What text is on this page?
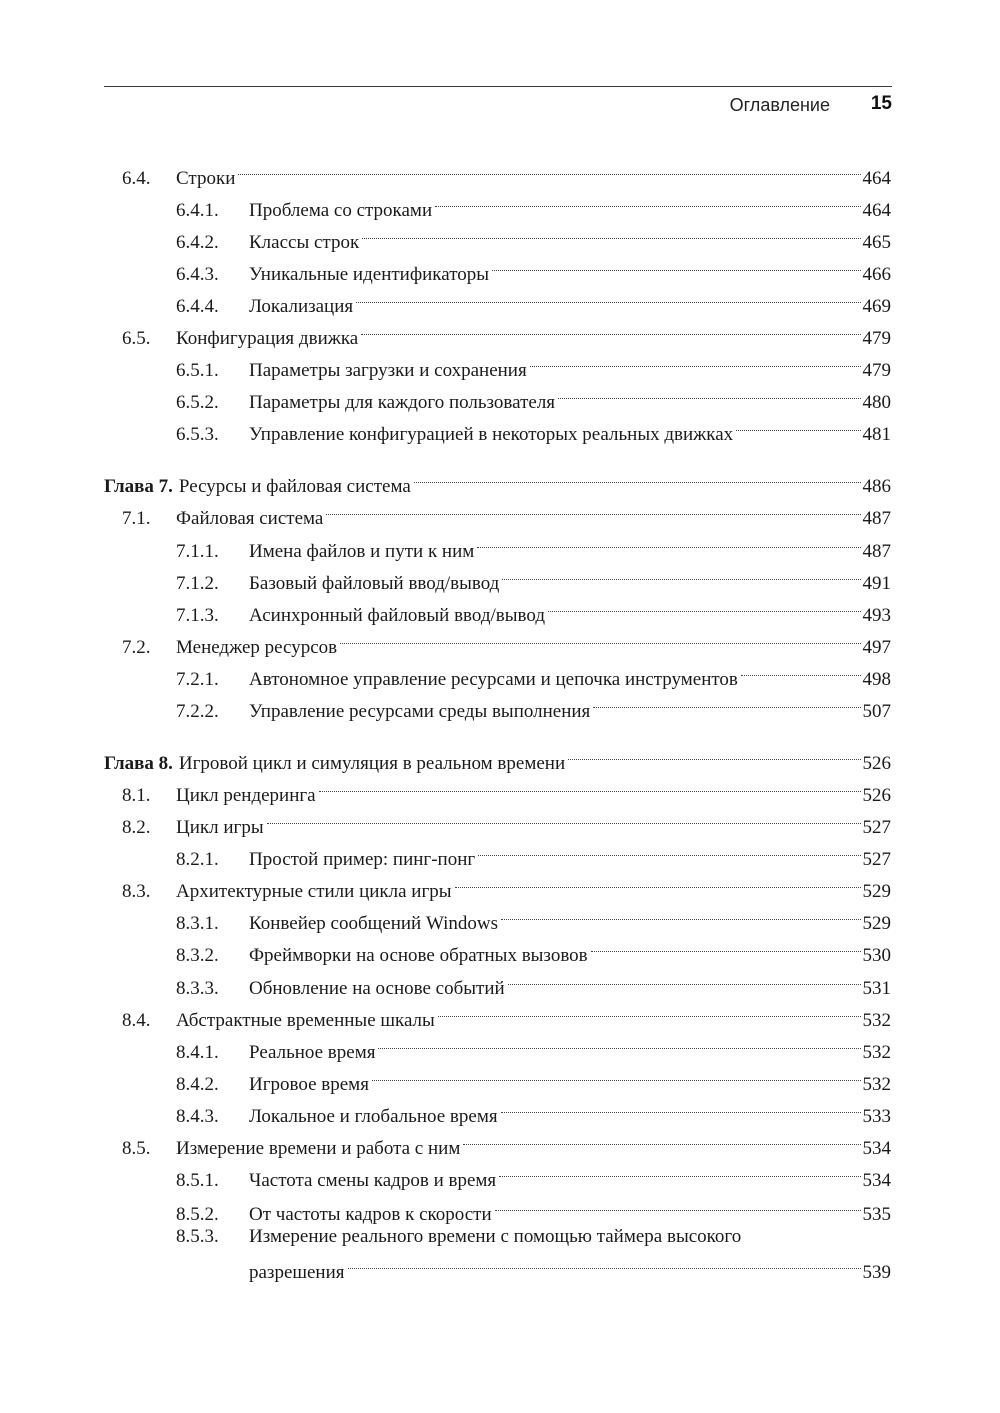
Оглавление 15
6.4.	Строки	464
6.4.1.	Проблема со строками	464
6.4.2.	Классы строк	465
6.4.3.	Уникальные идентификаторы	466
6.4.4.	Локализация	469
6.5.	Конфигурация движка	479
6.5.1.	Параметры загрузки и сохранения	479
6.5.2.	Параметры для каждого пользователя	480
6.5.3.	Управление конфигурацией в некоторых реальных движках	481
Глава 7. Ресурсы и файловая система	486
7.1.	Файловая система	487
7.1.1.	Имена файлов и пути к ним	487
7.1.2.	Базовый файловый ввод/вывод	491
7.1.3.	Асинхронный файловый ввод/вывод	493
7.2.	Менеджер ресурсов	497
7.2.1.	Автономное управление ресурсами и цепочка инструментов	498
7.2.2.	Управление ресурсами среды выполнения	507
Глава 8. Игровой цикл и симуляция в реальном времени	526
8.1.	Цикл рендеринга	526
8.2.	Цикл игры	527
8.2.1.	Простой пример: пинг-понг	527
8.3.	Архитектурные стили цикла игры	529
8.3.1.	Конвейер сообщений Windows	529
8.3.2.	Фреймворки на основе обратных вызовов	530
8.3.3.	Обновление на основе событий	531
8.4.	Абстрактные временные шкалы	532
8.4.1.	Реальное время	532
8.4.2.	Игровое время	532
8.4.3.	Локальное и глобальное время	533
8.5.	Измерение времени и работа с ним	534
8.5.1.	Частота смены кадров и время	534
8.5.2.	От частоты кадров к скорости	535
8.5.3. Измерение реального времени с помощью таймера высокого
разрешения	539
